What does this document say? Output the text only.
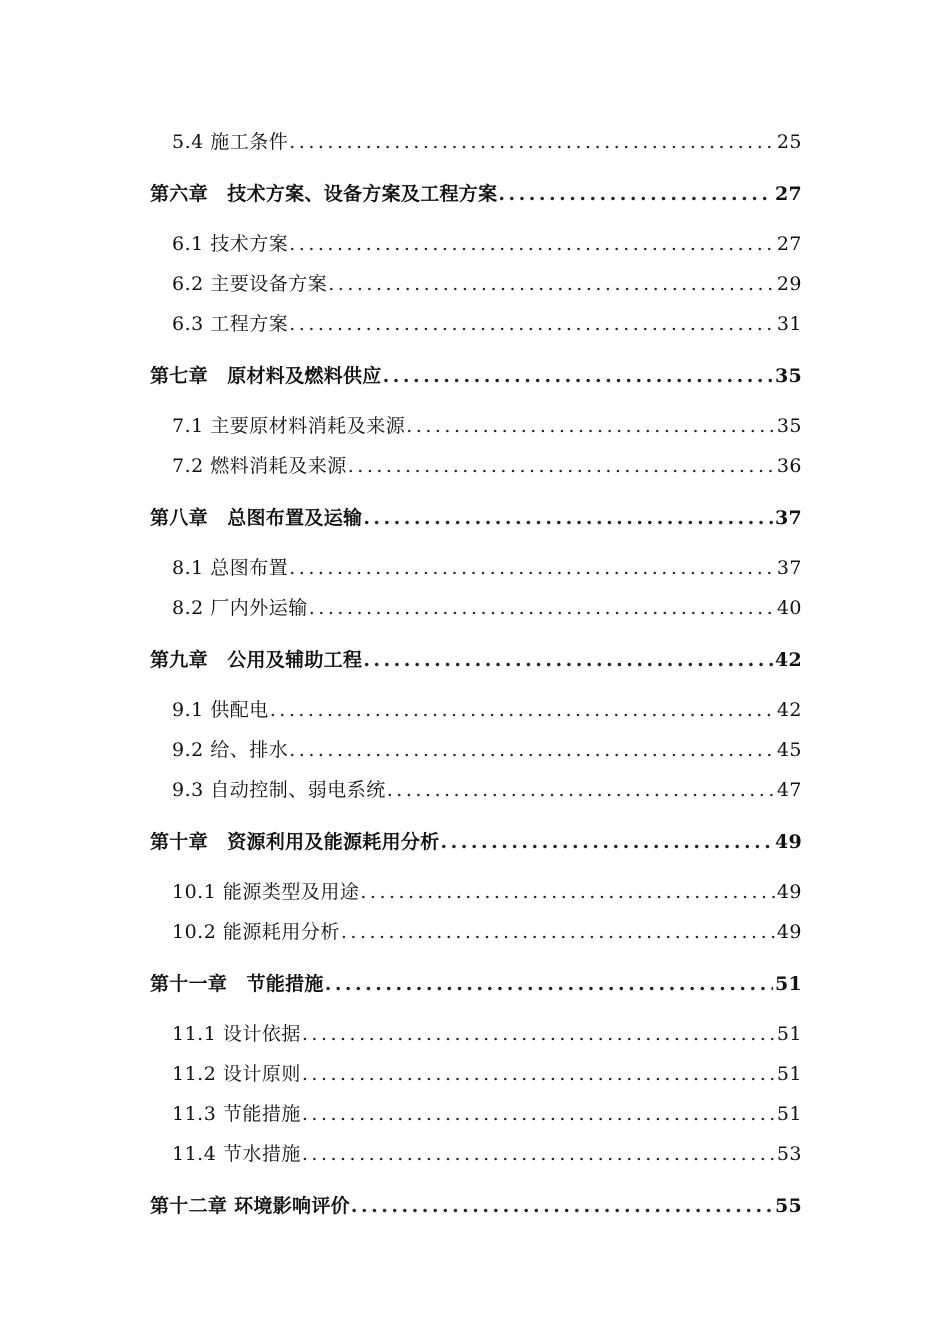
5.4 施工条件 .....	25
第六章　技术方案、设备方案及工程方案 .....	27
6.1 技术方案 .....	27
6.2 主要设备方案 .....	29
6.3 工程方案 .....	31
第七章　原材料及燃料供应 .....	35
7.1 主要原材料消耗及来源 .....	35
7.2 燃料消耗及来源 .....	36
第八章　总图布置及运输 .....	37
8.1 总图布置 .....	37
8.2 厂内外运输 .....	40
第九章　公用及辅助工程 .....	42
9.1 供配电 .....	42
9.2 给、排水 .....	45
9.3 自动控制、弱电系统 .....	47
第十章　资源利用及能源耗用分析 .....	49
10.1 能源类型及用途 .....	49
10.2 能源耗用分析 .....	49
第十一章　节能措施 .....	51
11.1 设计依据 .....	51
11.2 设计原则 .....	51
11.3 节能措施 .....	51
11.4 节水措施 .....	53
第十二章 环境影响评价 .....	55
